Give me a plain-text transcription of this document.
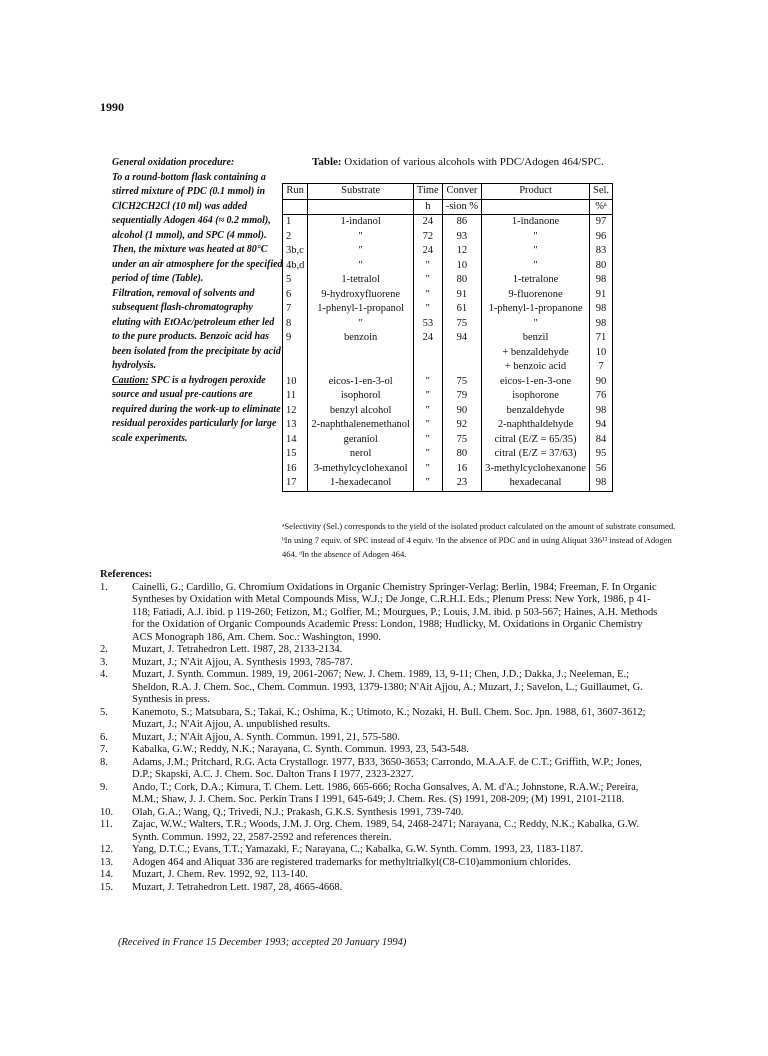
1990
General oxidation procedure:
To a round-bottom flask containing a stirred mixture of PDC (0.1 mmol) in ClCH2CH2Cl (10 ml) was added sequentially Adogen 464 (≈ 0.2 mmol), alcohol (1 mmol), and SPC (4 mmol). Then, the mixture was heated at 80°C under an air atmosphere for the specified period of time (Table).
Filtration, removal of solvents and subsequent flash-chromatography eluting with EtOAc/petroleum ether led to the pure products. Benzoic acid has been isolated from the precipitate by acid hydrolysis.
Caution: SPC is a hydrogen peroxide source and usual pre-cautions are required during the work-up to eliminate residual peroxides particularly for large scale experiments.
Table: Oxidation of various alcohols with PDC/Adogen 464/SPC.
Run	Substrate	Time	Conver	Product	Sel.
		h	-sion %		%ᵃ
1	1-indanol	24	86	1-indanone	97
2	"	72	93	"	96
3b,c	"	24	12	"	83
4b,d	"	"	10	"	80
5	1-tetralol	"	80	1-tetralone	98
6	9-hydroxyfluorene	"	91	9-fluorenone	91
7	1-phenyl-1-propanol	"	61	1-phenyl-1-propanone	98
8	"	53	75	"	98
9	benzoin	24	94	benzil	71
				+ benzaldehyde	10
				+ benzoic acid	7
10	eicos-1-en-3-ol	"	75	eicos-1-en-3-one	90
11	isophorol	"	79	isophorone	76
12	benzyl alcohol	"	90	benzaldehyde	98
13	2-naphthalenemethanol	"	92	2-naphthaldehyde	94
14	geraniol	"	75	citral (E/Z = 65/35)	84
15	nerol	"	80	citral (E/Z = 37/63)	95
16	3-methylcyclohexanol	"	16	3-methylcyclohexanone	56
17	1-hexadecanol	"	23	hexadecanal	98
ᵃSelectivity (Sel.) corresponds to the yield of the isolated product calculated on the amount of substrate consumed. ᵇIn using 7 equiv. of SPC instead of 4 equiv. ᶜIn the absence of PDC and in using Aliquat 336¹³ instead of Adogen 464. ᵈIn the absence of Adogen 464.
References:
1. Cainelli, G.; Cardillo, G. Chromium Oxidations in Organic Chemistry Springer-Verlag: Berlin, 1984; Freeman, F. In Organic Syntheses by Oxidation with Metal Compounds Miss, W.J.; De Jonge, C.R.H.I. Eds.; Plenum Press: New York, 1986, p 41-118; Fatiadi, A.J. ibid. p 119-260; Fetizon, M.; Golfier, M.; Mourgues, P.; Louis, J.M. ibid. p 503-567; Haines, A.H. Methods for the Oxidation of Organic Compounds Academic Press: London, 1988; Hudlicky, M. Oxidations in Organic Chemistry ACS Monograph 186, Am. Chem. Soc.: Washington, 1990.
2. Muzart, J. Tetrahedron Lett. 1987, 28, 2133-2134.
3. Muzart, J.; N'Ait Ajjou, A. Synthesis 1993, 785-787.
4. Muzart, J. Synth. Commun. 1989, 19, 2061-2067; New. J. Chem. 1989, 13, 9-11; Chen, J.D.; Dakka, J.; Neeleman, E.; Sheldon, R.A. J. Chem. Soc., Chem. Commun. 1993, 1379-1380; N'Ait Ajjou, A.; Muzart, J.; Savelon, L.; Guillaumet, G. Synthesis in press.
5. Kanemoto, S.; Matsubara, S.; Takai, K.; Oshima, K.; Utimoto, K.; Nozaki, H. Bull. Chem. Soc. Jpn. 1988, 61, 3607-3612; Muzart, J.; N'Ait Ajjou, A. unpublished results.
6. Muzart, J.; N'Ait Ajjou, A. Synth. Commun. 1991, 21, 575-580.
7. Kabalka, G.W.; Reddy, N.K.; Narayana, C. Synth. Commun. 1993, 23, 543-548.
8. Adams, J.M.; Pritchard, R.G. Acta Crystallogr. 1977, B33, 3650-3653; Carrondo, M.A.A.F. de C.T.; Griffith, W.P.; Jones, D.P.; Skapski, A.C. J. Chem. Soc. Dalton Trans I 1977, 2323-2327.
9. Ando, T.; Cork, D.A.; Kimura, T. Chem. Lett. 1986, 665-666; Rocha Gonsalves, A. M. d'A.; Johnstone, R.A.W.; Pereira, M.M.; Shaw, J. J. Chem. Soc. Perkin Trans I 1991, 645-649; J. Chem. Res. (S) 1991, 208-209; (M) 1991, 2101-2118.
10. Olah, G.A.; Wang, Q.; Trivedi, N.J.; Prakash, G.K.S. Synthesis 1991, 739-740.
11. Zajac, W.W.; Walters, T.R.; Woods, J.M. J. Org. Chem. 1989, 54, 2468-2471; Narayana, C.; Reddy, N.K.; Kabalka, G.W. Synth. Commun. 1992, 22, 2587-2592 and references therein.
12. Yang, D.T.C.; Evans, T.T.; Yamazaki, F.; Narayana, C.; Kabalka, G.W. Synth. Comm. 1993, 23, 1183-1187.
13. Adogen 464 and Aliquat 336 are registered trademarks for methyltrialkyl(C8-C10)ammonium chlorides.
14. Muzart, J. Chem. Rev. 1992, 92, 113-140.
15. Muzart, J. Tetrahedron Lett. 1987, 28, 4665-4668.
(Received in France 15 December 1993; accepted 20 January 1994)
